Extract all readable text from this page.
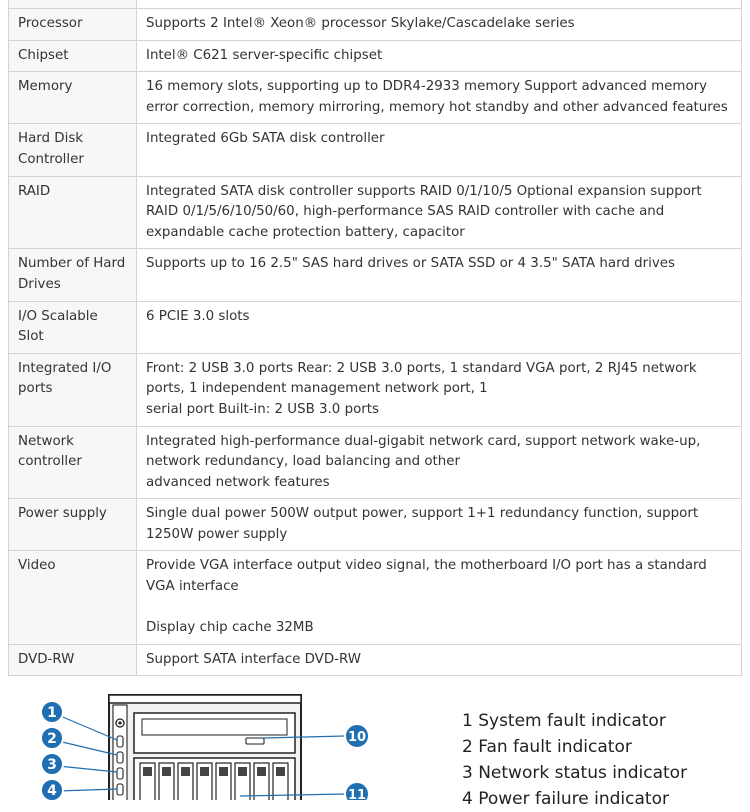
Processor	Supports 2 Intel® Xeon® processor Skylake/Cascadelake series

Chipset	Intel® C621 server-specific chipset

Memory	16 memory slots, supporting up to DDR4-2933 memory Support advanced memory error correction, memory mirroring, memory hot standby and other advanced features

Hard Disk Controller	Integrated 6Gb SATA disk controller

RAID	Integrated SATA disk controller supports RAID 0/1/10/5 Optional expansion support RAID 0/1/5/6/10/50/60, high-performance SAS RAID controller with cache and expandable cache protection battery, capacitor

Number of Hard Drives	Supports up to 16 2.5" SAS hard drives or SATA SSD or 4 3.5" SATA hard drives

I/O Scalable Slot	6 PCIE 3.0 slots

Integrated I/O ports	Front: 2 USB 3.0 ports Rear: 2 USB 3.0 ports, 1 standard VGA port, 2 RJ45 network ports, 1 independent management network port, 1
serial port Built-in: 2 USB 3.0 ports

Network controller	Integrated high-performance dual-gigabit network card, support network wake-up, network redundancy, load balancing and other
advanced network features

Power supply	Single dual power 500W output power, support 1+1 redundancy function, support 1250W power supply

Video	Provide VGA interface output video signal, the motherboard I/O port has a standard VGA interface
Display chip cache 32MB

DVD-RW	Support SATA interface DVD-RW
1
2
3
4
10
11
1 System fault indicator
2 Fan fault indicator
3 Network status indicator
4 Power failure indicator
